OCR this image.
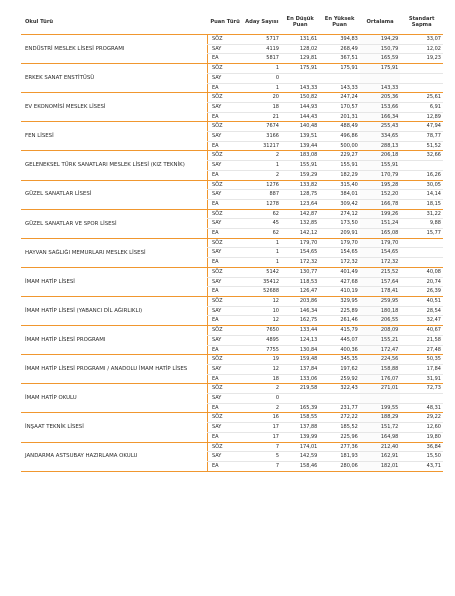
Okul Türü	Puan Türü	Aday Sayısı	En Düşük Puan	En Yüksek Puan	Ortalama	Standart Sapma
ENDÜSTRİ MESLEK LİSESİ PROGRAMI	SÖZ	5717	131,61	394,83	194,29	33,07
	SAY	4119	128,02	268,49	150,79	12,02
	EA	5817	129,81	367,51	165,59	19,23
ERKEK SANAT ENSTİTÜSÜ	SÖZ	1	175,91	175,91	175,91	
	SAY	0				
	EA	1	143,33	143,33	143,33	
EV EKONOMİSİ MESLEK LİSESİ	SÖZ	20	150,82	247,24	205,36	25,61
	SAY	18	144,93	170,57	153,66	6,91
	EA	21	144,43	201,31	166,34	12,89
FEN LİSESİ	SÖZ	7674	140,48	488,49	255,43	47,94
	SAY	3166	139,51	496,86	334,65	78,77
	EA	31217	139,44	500,00	288,13	51,52
GELENEKSEL TÜRK SANATLARI MESLEK LİSESİ (KIZ TEKNİK)	SÖZ	2	183,08	229,27	206,18	32,66
	SAY	1	155,91	155,91	155,91	
	EA	2	159,29	182,29	170,79	16,26
GÜZEL SANATLAR LİSESİ	SÖZ	1276	133,82	315,40	195,28	30,05
	SAY	887	128,75	384,01	152,20	14,14
	EA	1278	123,64	309,42	166,78	18,15
GÜZEL SANATLAR VE SPOR LİSESİ	SÖZ	62	142,87	274,12	199,26	31,22
	SAY	45	132,85	173,50	151,24	9,88
	EA	62	142,12	209,91	165,08	15,77
HAYVAN SAĞLIĞI MEMURLARI MESLEK LİSESİ	SÖZ	1	179,70	179,70	179,70	
	SAY	1	154,65	154,65	154,65	
	EA	1	172,32	172,32	172,32	
İMAM HATİP LİSESİ	SÖZ	5142	130,77	401,49	215,52	40,08
	SAY	35412	118,53	427,68	157,64	20,74
	EA	52688	126,47	410,19	178,41	26,39
İMAM HATİP LİSESİ (YABANCI DİL AĞIRLIKLI)	SÖZ	12	203,86	329,95	259,95	40,51
	SAY	10	146,34	225,89	180,18	28,54
	EA	12	162,75	261,46	206,55	32,47
İMAM HATİP LİSESİ PROGRAMI	SÖZ	7650	133,44	415,79	208,09	40,67
	SAY	4895	124,13	445,07	155,21	21,58
	EA	7755	130,84	400,36	172,47	27,48
İMAM HATİP LİSESİ PROGRAMI / ANADOLU İMAM HATİP LİSES	SÖZ	19	159,48	345,35	224,56	50,35
	SAY	12	137,84	197,62	158,88	17,84
	EA	18	133,06	259,92	176,07	31,91
İMAM HATİP OKULU	SÖZ	2	219,58	322,43	271,01	72,73
	SAY	0				
	EA	2	165,39	231,77	199,55	48,31
İNŞAAT TEKNİK LİSESİ	SÖZ	16	158,55	272,22	188,29	29,22
	SAY	17	137,88	185,52	151,72	12,60
	EA	17	139,99	225,96	164,98	19,80
JANDARMA ASTSUBAY HAZIRLAMA OKULU	SÖZ	7	174,01	277,36	212,40	36,84
	SAY	5	142,59	181,93	162,91	15,50
	EA	7	158,46	280,06	182,01	43,71
